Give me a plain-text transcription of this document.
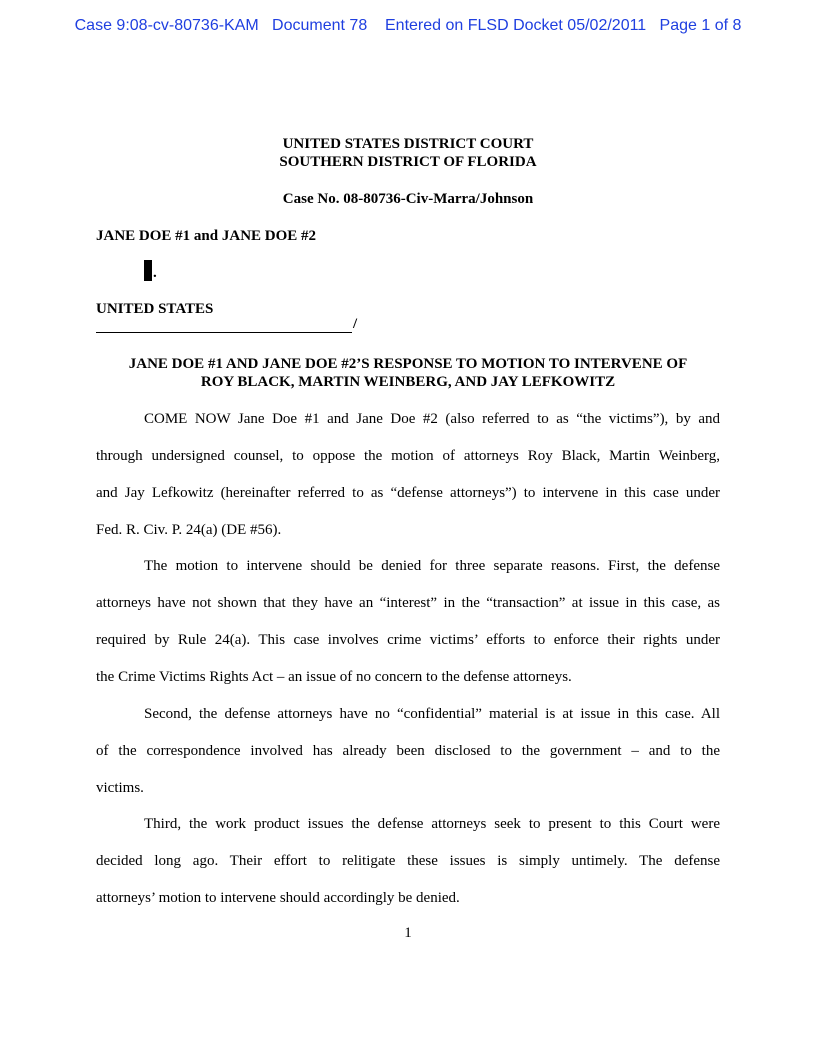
Case 9:08-cv-80736-KAM   Document 78    Entered on FLSD Docket 05/02/2011   Page 1 of 8
UNITED STATES DISTRICT COURT
SOUTHERN DISTRICT OF FLORIDA
Case No. 08-80736-Civ-Marra/Johnson
JANE DOE #1 and JANE DOE #2
.
UNITED STATES
/
JANE DOE #1 AND JANE DOE #2’S RESPONSE TO MOTION TO INTERVENE OF
ROY BLACK, MARTIN WEINBERG, AND JAY LEFKOWITZ
COME NOW Jane Doe #1 and Jane Doe #2 (also referred to as “the victims”), by and
through undersigned counsel, to oppose the motion of attorneys Roy Black, Martin Weinberg,
and Jay Lefkowitz (hereinafter referred to as “defense attorneys”) to intervene in this case under
Fed. R. Civ. P. 24(a) (DE #56).
The motion to intervene should be denied for three separate reasons. First, the defense
attorneys have not shown that they have an “interest” in the “transaction” at issue in this case, as
required by Rule 24(a). This case involves crime victims’ efforts to enforce their rights under
the Crime Victims Rights Act – an issue of no concern to the defense attorneys.
Second, the defense attorneys have no “confidential” material is at issue in this case. All
of the correspondence involved has already been disclosed to the government – and to the
victims.
Third, the work product issues the defense attorneys seek to present to this Court were
decided long ago. Their effort to relitigate these issues is simply untimely. The defense
attorneys’ motion to intervene should accordingly be denied.
1
